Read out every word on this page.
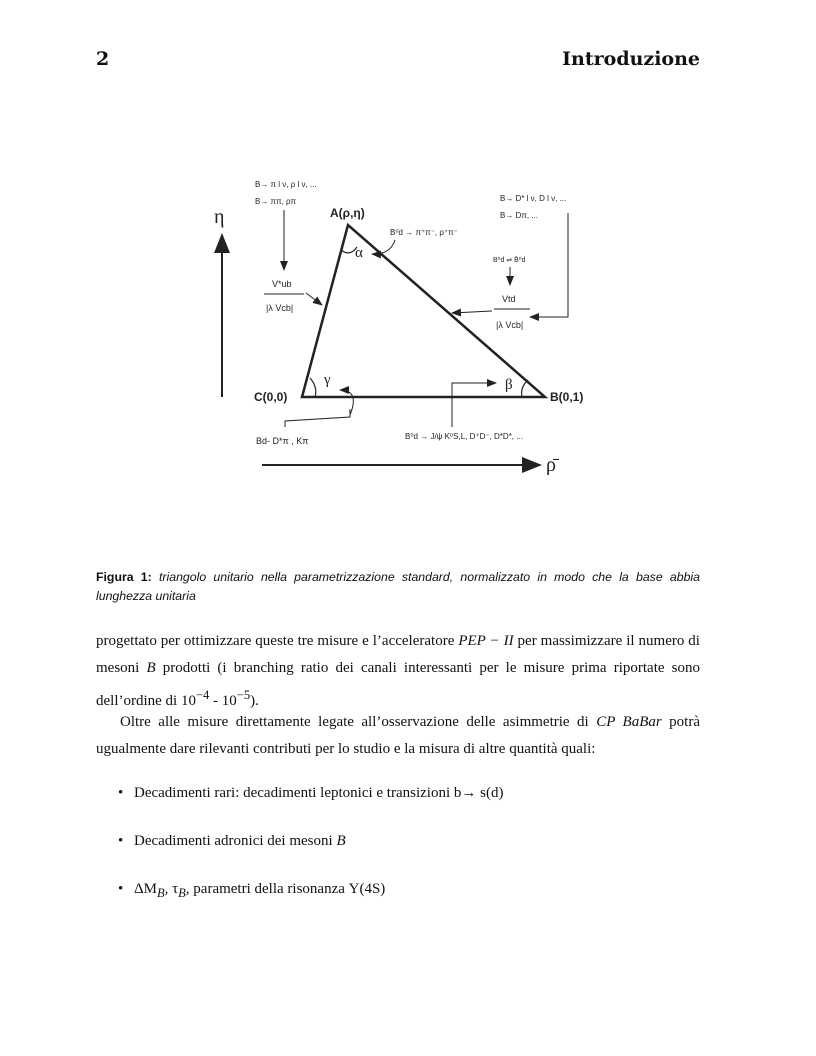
2	Introduzione
η
ρ̄
A(ρ,η)
C(0,0)	B(0,1)
α
β
γ
B→ π l ν, ρ l ν, ...
B→ ππ, ρπ
V*ub
|λ Vcb|
B⁰d → π⁺π⁻, ρ⁺π⁻
B→ D* l ν, D l ν, ...
B→ Dπ, ...
B⁰d ⇌ B̄⁰d
Vtd
|λ Vcb|
Bd- D*π , Kπ	B⁰d → J/ψ K⁰S,L, D⁺D⁻, D*D*, ...
Figura 1: triangolo unitario nella parametrizzazione standard, normalizzato in modo che la base abbia lunghezza unitaria
progettato per ottimizzare queste tre misure e l’acceleratore PEP − II per massimizzare il numero di mesoni B prodotti (i branching ratio dei canali interessanti per le misure prima riportate sono dell’ordine di $10^{-4} - 10^{-5}$).
Oltre alle misure direttamente legate all’osservazione delle asimmetrie di CP BaBar potrà ugualmente dare rilevanti contributi per lo studio e la misura di altre quantità quali:
• Decadimenti rari: decadimenti leptonici e transizioni b→ s(d)
• Decadimenti adronici dei mesoni B
• $\Delta M_B$, $\tau_B$, parametri della risonanza Υ(4S)
